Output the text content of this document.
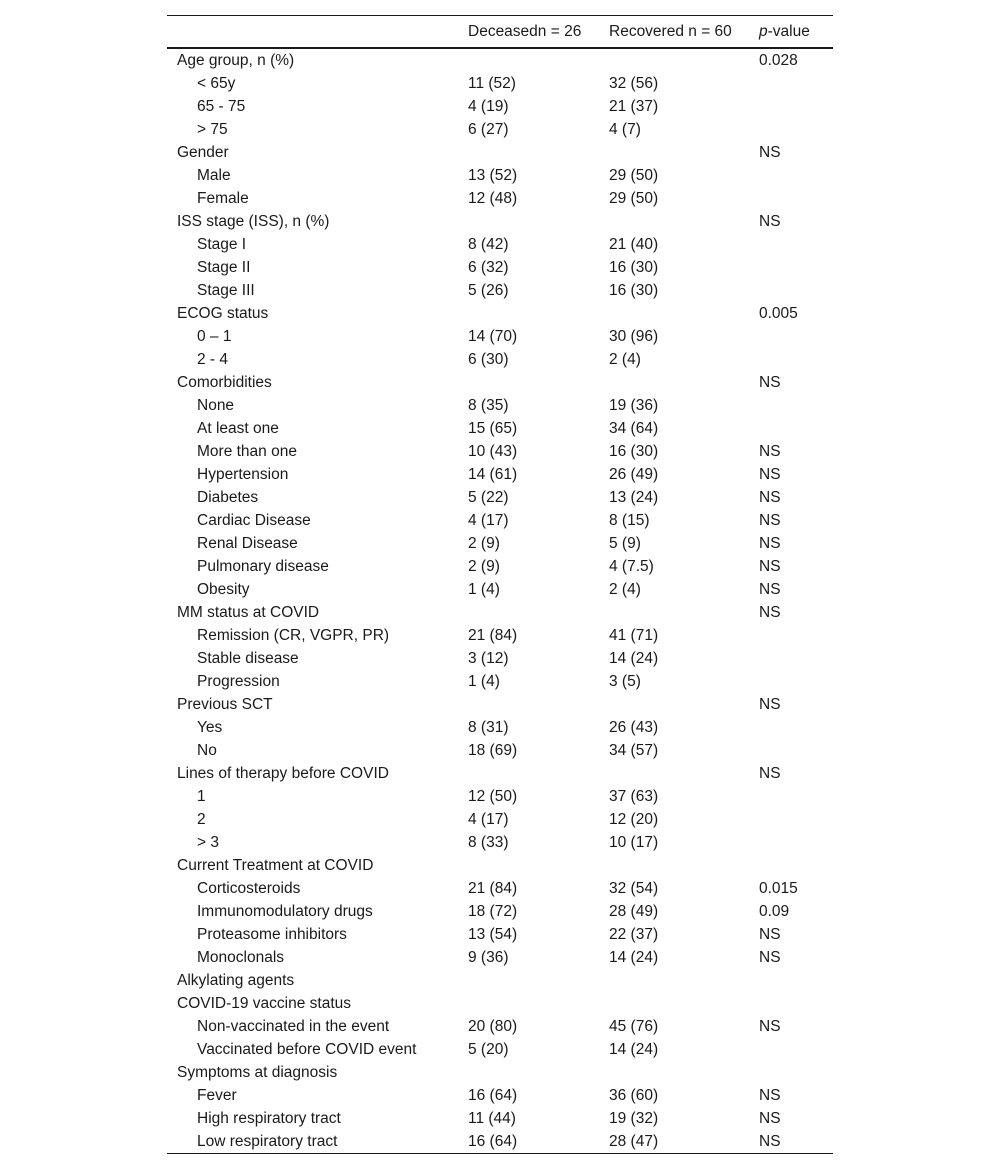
	Deceasedn = 26	Recovered n = 60	p-value
Age group, n (%)			0.028
< 65y	11 (52)	32 (56)	
65 - 75	4 (19)	21 (37)	
> 75	6 (27)	4 (7)	
Gender			NS
Male	13 (52)	29 (50)	
Female	12 (48)	29 (50)	
ISS stage (ISS), n (%)			NS
Stage I	8 (42)	21 (40)	
Stage II	6 (32)	16 (30)	
Stage III	5 (26)	16 (30)	
ECOG status			0.005
0 – 1	14 (70)	30 (96)	
2 - 4	6 (30)	2 (4)	
Comorbidities			NS
None	8 (35)	19 (36)	
At least one	15 (65)	34 (64)	
More than one	10 (43)	16 (30)	NS
Hypertension	14 (61)	26 (49)	NS
Diabetes	5 (22)	13 (24)	NS
Cardiac Disease	4 (17)	8 (15)	NS
Renal Disease	2 (9)	5 (9)	NS
Pulmonary disease	2 (9)	4 (7.5)	NS
Obesity	1 (4)	2 (4)	NS
MM status at COVID			NS
Remission (CR, VGPR, PR)	21 (84)	41 (71)	
Stable disease	3 (12)	14 (24)	
Progression	1 (4)	3 (5)	
Previous SCT			NS
Yes	8 (31)	26 (43)	
No	18 (69)	34 (57)	
Lines of therapy before COVID			NS
1	12 (50)	37 (63)	
2	4 (17)	12 (20)	
> 3	8 (33)	10 (17)	
Current Treatment at COVID			
Corticosteroids	21 (84)	32 (54)	0.015
Immunomodulatory drugs	18 (72)	28 (49)	0.09
Proteasome inhibitors	13 (54)	22 (37)	NS
Monoclonals	9 (36)	14 (24)	NS
Alkylating agents			
COVID-19 vaccine status			
Non-vaccinated in the event	20 (80)	45 (76)	NS
Vaccinated before COVID event	5 (20)	14 (24)	
Symptoms at diagnosis			
Fever	16 (64)	36 (60)	NS
High respiratory tract	11 (44)	19 (32)	NS
Low respiratory tract	16 (64)	28 (47)	NS
